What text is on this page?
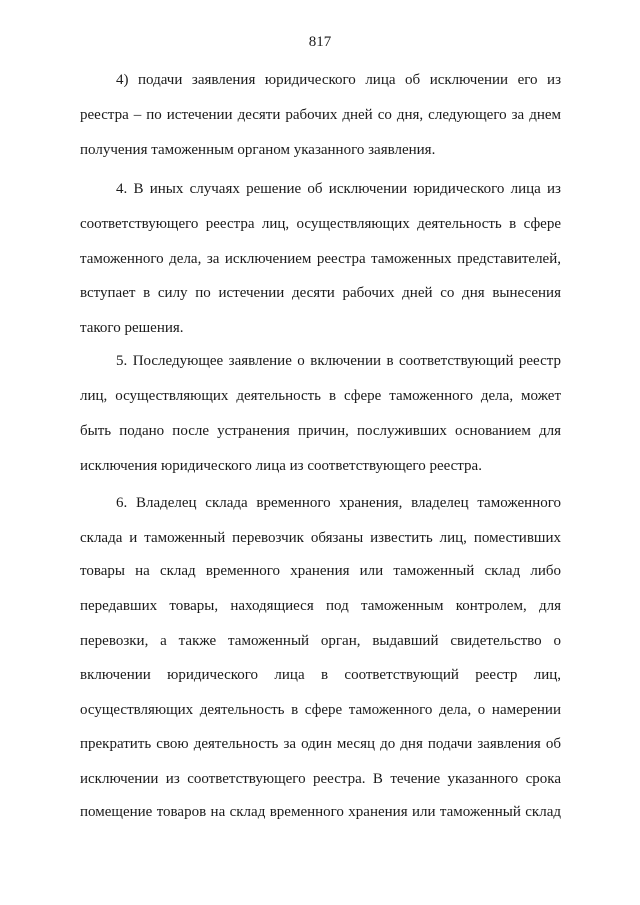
817
4) подачи заявления юридического лица об исключении его из
реестра – по истечении десяти рабочих дней со дня, следующего за днем
получения таможенным органом указанного заявления.
4. В иных случаях решение об исключении юридического лица из
соответствующего реестра лиц, осуществляющих деятельность в сфере
таможенного дела, за исключением реестра таможенных представителей,
вступает в силу по истечении десяти рабочих дней со дня вынесения
такого решения.
5. Последующее заявление о включении в соответствующий реестр
лиц, осуществляющих деятельность в сфере таможенного дела, может
быть подано после устранения причин, послуживших основанием для
исключения юридического лица из соответствующего реестра.
6. Владелец склада временного хранения, владелец таможенного
склада и таможенный перевозчик обязаны известить лиц, поместивших
товары на склад временного хранения или таможенный склад либо
передавших товары, находящиеся под таможенным контролем, для
перевозки, а также таможенный орган, выдавший свидетельство о
включении юридического лица в соответствующий реестр лиц,
осуществляющих деятельность в сфере таможенного дела, о намерении
прекратить свою деятельность за один месяц до дня подачи заявления об
исключении из соответствующего реестра. В течение указанного срока
помещение товаров на склад временного хранения или таможенный склад
